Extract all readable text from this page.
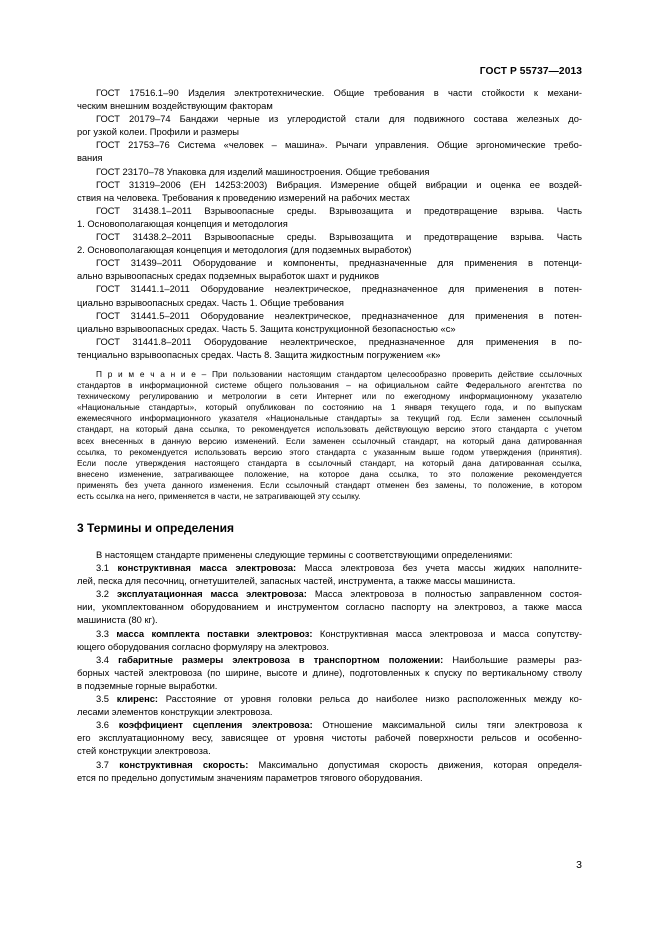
ГОСТ Р 55737—2013
ГОСТ 17516.1–90 Изделия электротехнические. Общие требования в части стойкости к механи-
ческим внешним воздействующим факторам
ГОСТ 20179–74 Бандажи черные из углеродистой стали для подвижного состава железных до-
рог узкой колеи. Профили и размеры
ГОСТ 21753–76 Система «человек – машина». Рычаги управления. Общие эргономические требо-
вания
ГОСТ 23170–78 Упаковка для изделий машиностроения. Общие требования
ГОСТ 31319–2006 (ЕН 14253:2003) Вибрация. Измерение общей вибрации и оценка ее воздей-
ствия на человека. Требования к проведению измерений на рабочих местах
ГОСТ 31438.1–2011 Взрывоопасные среды. Взрывозащита и предотвращение взрыва. Часть
1. Основополагающая концепция и методология
ГОСТ 31438.2–2011 Взрывоопасные среды. Взрывозащита и предотвращение взрыва. Часть
2. Основополагающая концепция и методология (для подземных выработок)
ГОСТ 31439–2011 Оборудование и компоненты, предназначенные для применения в потенци-
ально взрывоопасных средах подземных выработок шахт и рудников
ГОСТ 31441.1–2011 Оборудование неэлектрическое, предназначенное для применения в потен-
циально взрывоопасных средах. Часть 1. Общие требования
ГОСТ 31441.5–2011 Оборудование неэлектрическое, предназначенное для применения в потен-
циально взрывоопасных средах. Часть 5. Защита конструкционной безопасностью «с»
ГОСТ 31441.8–2011 Оборудование неэлектрическое, предназначенное для применения в по-
тенциально взрывоопасных средах. Часть 8. Защита жидкостным погружением «к»
П р и м е ч а н и е – При пользовании настоящим стандартом целесообразно проверить действие ссылочных
стандартов в информационной системе общего пользования – на официальном сайте Федерального агентства по
техническому регулированию и метрологии в сети Интернет или по ежегодному информационному указателю
«Национальные стандарты», который опубликован по состоянию на 1 января текущего года, и по выпускам
ежемесячного информационного указателя «Национальные стандарты» за текущий год. Если заменен ссылочный
стандарт, на который дана ссылка, то рекомендуется использовать действующую версию этого стандарта с учетом
всех внесенных в данную версию изменений. Если заменен ссылочный стандарт, на который дана датированная
ссылка, то рекомендуется использовать версию этого стандарта с указанным выше годом утверждения (принятия).
Если после утверждения настоящего стандарта в ссылочный стандарт, на который дана датированная ссылка,
внесено изменение, затрагивающее положение, на которое дана ссылка, то это положение рекомендуется
применять без учета данного изменения. Если ссылочный стандарт отменен без замены, то положение, в котором
есть ссылка на него, применяется в части, не затрагивающей эту ссылку.
3 Термины и определения
В настоящем стандарте применены следующие термины с соответствующими определениями:
3.1 конструктивная масса электровоза: Масса электровоза без учета массы жидких наполните-
лей, песка для песочниц, огнетушителей, запасных частей, инструмента, а также массы машиниста.
3.2 эксплуатационная масса электровоза: Масса электровоза в полностью заправленном состоя-
нии, укомплектованном оборудованием и инструментом согласно паспорту на электровоз, а также масса
машиниста (80 кг).
3.3 масса комплекта поставки электровоз: Конструктивная масса электровоза и масса сопутству-
ющего оборудования согласно формуляру на электровоз.
3.4 габаритные размеры электровоза в транспортном положении: Наибольшие размеры раз-
борных частей электровоза (по ширине, высоте и длине), подготовленных к спуску по вертикальному стволу
в подземные горные выработки.
3.5 клиренс: Расстояние от уровня головки рельса до наиболее низко расположенных между ко-
лесами элементов конструкции электровоза.
3.6 коэффициент сцепления электровоза: Отношение максимальной силы тяги электровоза к
его эксплуатационному весу, зависящее от уровня чистоты рабочей поверхности рельсов и особенно-
стей конструкции электровоза.
3.7 конструктивная скорость: Максимально допустимая скорость движения, которая определя-
ется по предельно допустимым значениям параметров тягового оборудования.
3
